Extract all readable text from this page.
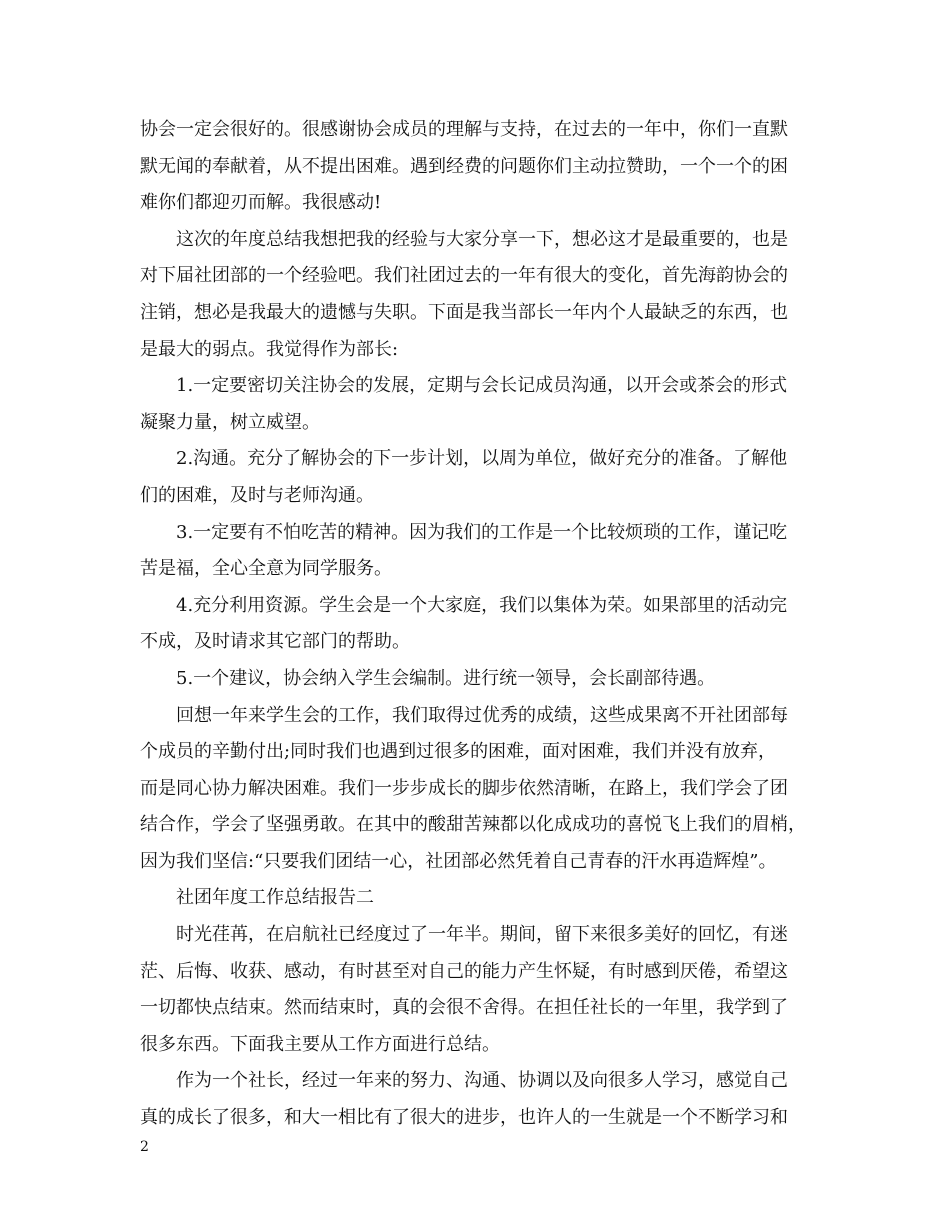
协会一定会很好的。很感谢协会成员的理解与支持，在过去的一年中，你们一直默
默无闻的奉献着，从不提出困难。遇到经费的问题你们主动拉赞助，一个一个的困
难你们都迎刃而解。我很感动!
这次的年度总结我想把我的经验与大家分享一下，想必这才是最重要的，也是
对下届社团部的一个经验吧。我们社团过去的一年有很大的变化，首先海韵协会的
注销，想必是我最大的遗憾与失职。下面是我当部长一年内个人最缺乏的东西，也
是最大的弱点。我觉得作为部长:
1.一定要密切关注协会的发展，定期与会长记成员沟通，以开会或茶会的形式
凝聚力量，树立威望。
2.沟通。充分了解协会的下一步计划，以周为单位，做好充分的准备。了解他
们的困难，及时与老师沟通。
3.一定要有不怕吃苦的精神。因为我们的工作是一个比较烦琐的工作，谨记吃
苦是福，全心全意为同学服务。
4.充分利用资源。学生会是一个大家庭，我们以集体为荣。如果部里的活动完
不成，及时请求其它部门的帮助。
5.一个建议，协会纳入学生会编制。进行统一领导，会长副部待遇。
回想一年来学生会的工作，我们取得过优秀的成绩，这些成果离不开社团部每
个成员的辛勤付出;同时我们也遇到过很多的困难，面对困难，我们并没有放弃，
而是同心协力解决困难。我们一步步成长的脚步依然清晰，在路上，我们学会了团
结合作，学会了坚强勇敢。在其中的酸甜苦辣都以化成成功的喜悦飞上我们的眉梢，
因为我们坚信:“只要我们团结一心，社团部必然凭着自己青春的汗水再造辉煌”。
社团年度工作总结报告二
时光荏苒，在启航社已经度过了一年半。期间，留下来很多美好的回忆，有迷
茫、后悔、收获、感动，有时甚至对自己的能力产生怀疑，有时感到厌倦，希望这
一切都快点结束。然而结束时，真的会很不舍得。在担任社长的一年里，我学到了
很多东西。下面我主要从工作方面进行总结。
作为一个社长，经过一年来的努力、沟通、协调以及向很多人学习，感觉自己
真的成长了很多，和大一相比有了很大的进步，也许人的一生就是一个不断学习和
2
